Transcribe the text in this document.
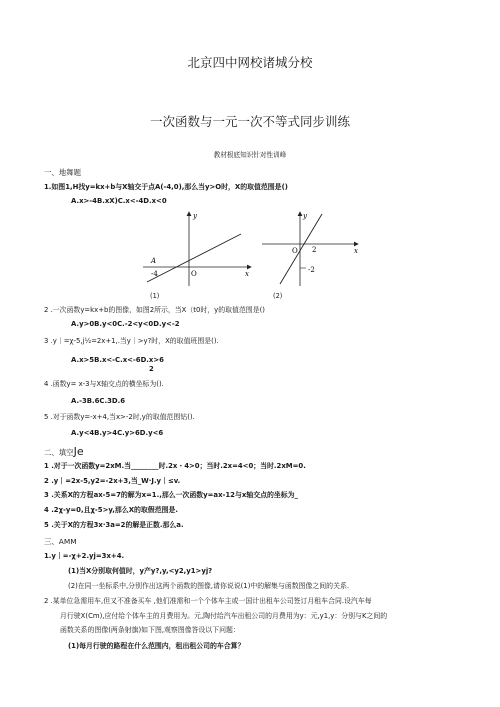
北京四中网校诸城分校
一次函数与一元一次不等式同步训练
教材根底知识针对性训峰
一、地舞题
1.如图1,H找y=kx+b与X轴交于点A(-4,0),那么当y>O时，X的取值范围是()
A.x>-4B.xX)C.x<-4D.x<0
y
A
-4	O	x
y
O 2
-2
x
(1)	(2)
2 .一次函数y=kx+b的图像，如图2所示，当X（t0时，y的取值范围是()
A.y>0B.y<0C.-2<y<0D.y<-2
3 .y｜=χ-5,j½=2x+1,.当y｜>y?时，X的取值班围是().
A.x>5B.x<-C.x<-6D.x>6
2
4 .函数y= x-3与X轴交点的横坐标为().
A.-3B.6C.3D.6
5 .对于函数y=-x+4,当x>-2时,y的取值范围钻().
A.y<4B.y>4C.y>6D.y<6
二、填空Je
1 .对于一次函数y=2xM.当________时.2x・4>0；当时.2x=4<0；当时.2xM=0.
2 .y｜=2x-5,y2=-2x+3,当_W·J.y｜≤v.
3 .关系X的方程ax-5=7的解为x=1.,那么一次函数y=ax-12与x轴交点的坐标为_
4 .2χ-y=0,且χ-5>y,那么X的取假范围是.
5 .关于X的方程3x·3a=2的解是正数.那么a.
三、AMM
1.y｜=-χ+2.yj=3x+4.
(1)当X分别取何值时，y产y?,y,<y2,y1>yj?
(2)在同一坐标系中,分别作出这两个函数的图像,请你说说(1)中的解集与函数图像之间的关系.
2 .某单位急需用车,但又不准备买车 ,他们准需和一个个体车主或一国计出租车公司签订月租车合同.设汽车每
月行驶X(Cm),应付给个体车主的月费用为。元,陶付给汽车出租公司的月费用为y：元,y1,y：分别与K之间的
函数关系的图像(两条射旗)如下图,观察图像答设以下问题：
(1)每月行驶的路程在什么范围内，租出租公司的车合算？
